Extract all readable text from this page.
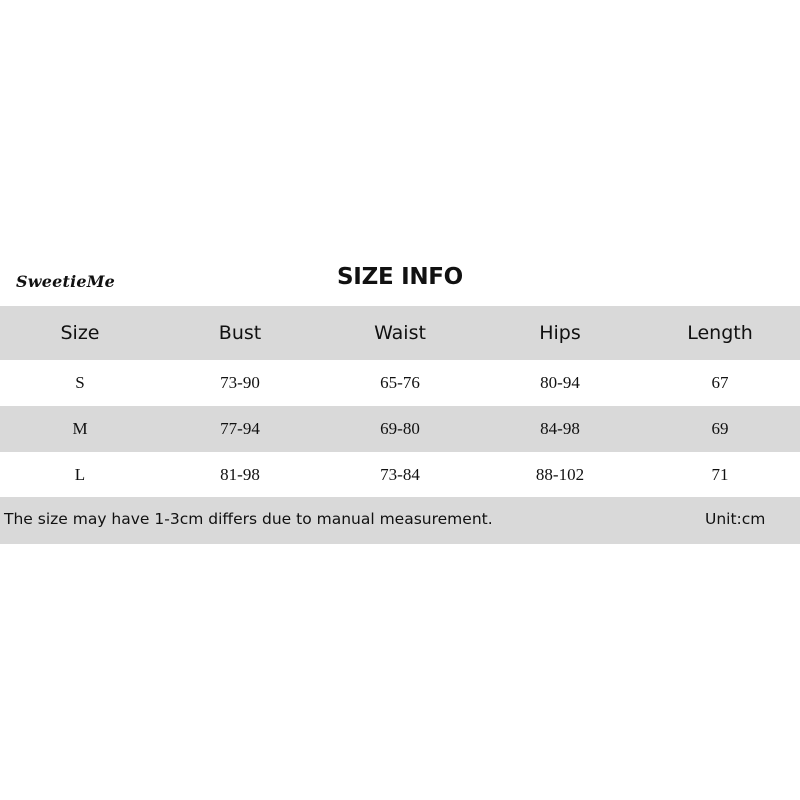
SweetieMe	SIZE INFO
Size	Bust	Waist	Hips	Length
S	73-90	65-76	80-94	67
M	77-94	69-80	84-98	69
L	81-98	73-84	88-102	71
The size may have 1-3cm differs due to manual measurement.	Unit:cm
